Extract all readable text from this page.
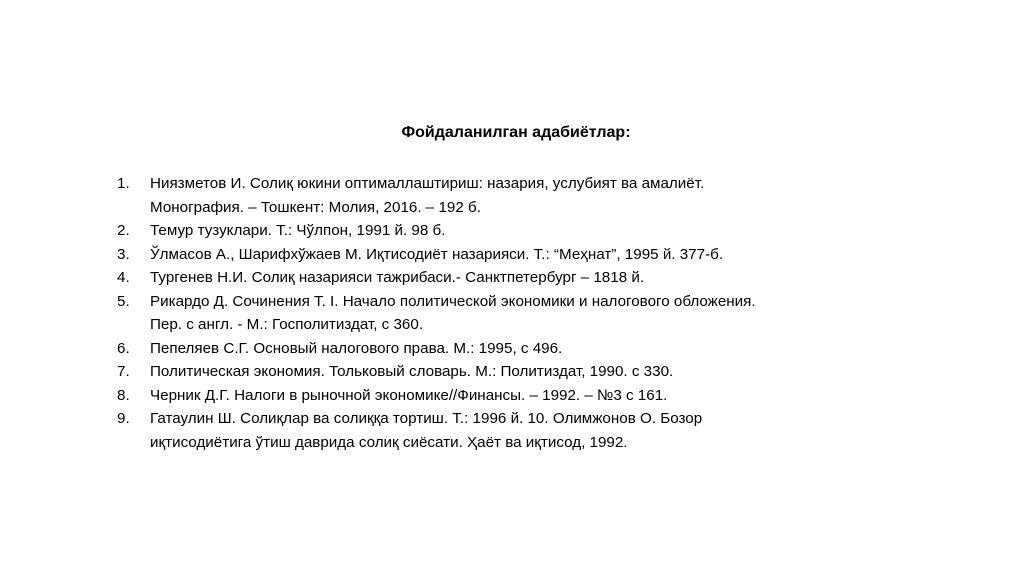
Фойдаланилган адабиётлар:
1. Ниязметов И. Солиқ юкини оптималлаштириш: назария, услубият ва амалиёт.
Монография. – Тошкент: Молия, 2016. – 192 б.
2. Темур тузуклари. Т.: Чўлпон, 1991 й. 98 б.
3. Ўлмасов А., Шарифхўжаев М. Иқтисодиёт назарияси. Т.: “Меҳнат”, 1995 й. 377-б.
4. Тургенев Н.И. Солиқ назарияси тажрибаси.- Санктпетербург – 1818 й.
5. Рикардо Д. Сочинения Т. I. Начало политической экономики и налогового обложения.
Пер. с англ. - М.: Госполитиздат, с 360.
6. Пепеляев С.Г. Основый налогового права. М.: 1995, с 496.
7. Политическая экономия. Тольковый словарь. М.: Политиздат, 1990. с 330.
8. Черник Д.Г. Налоги в рыночной экономике//Финансы. – 1992. – №3 с 161.
9. Гатаулин Ш. Солиқлар ва солиққа тортиш. Т.: 1996 й. 10. Олимжонов О. Бозор
иқтисодиётига ўтиш даврида солиқ сиёсати. Ҳаёт ва иқтисод, 1992.
